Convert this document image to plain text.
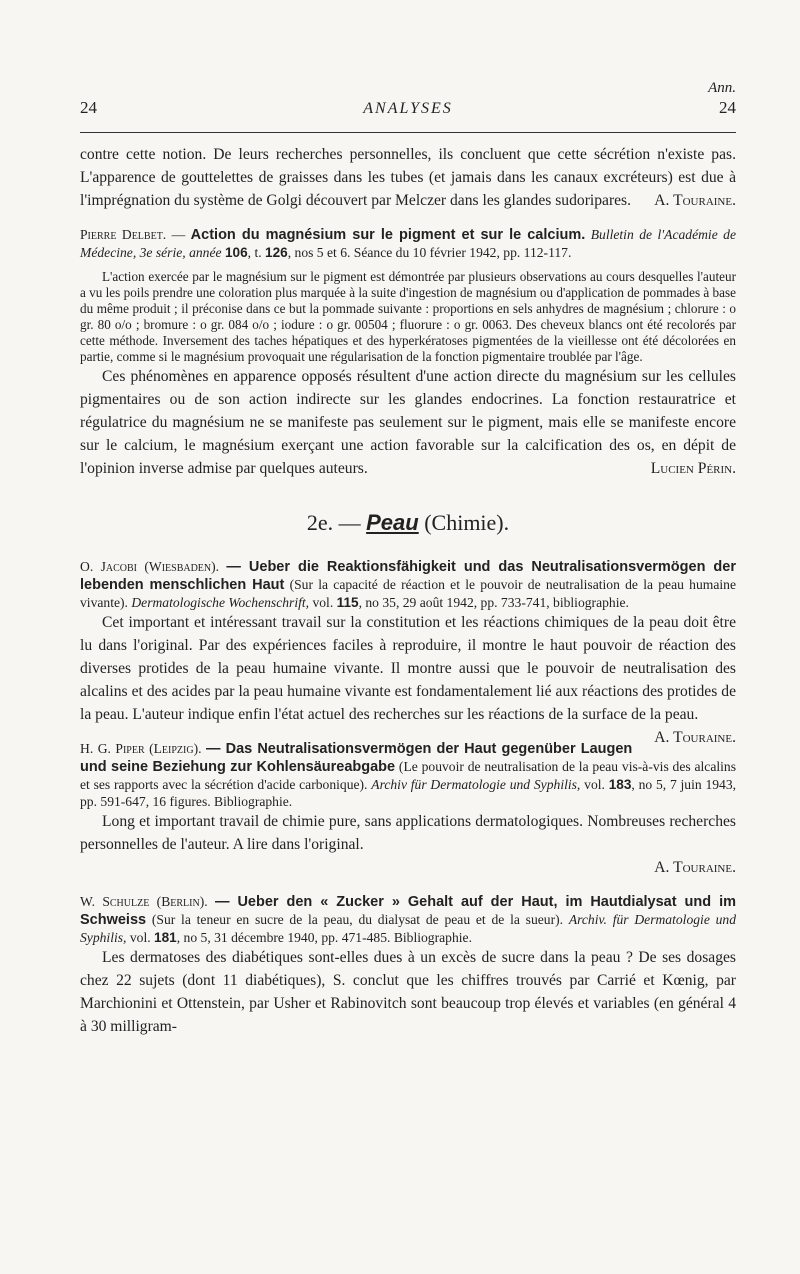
Ann.
24	ANALYSES	24

contre cette notion. De leurs recherches personnelles, ils concluent que cette sécrétion n'existe pas. L'apparence de gouttelettes de graisses dans les tubes (et jamais dans les canaux excréteurs) est due à l'imprégnation du système de Golgi découvert par Melczer dans les glandes sudoripares. A. Touraine.

Pierre Delbet. — Action du magnésium sur le pigment et sur le calcium. Bulletin de l'Académie de Médecine, 3e série, année 106, t. 126, nos 5 et 6. Séance du 10 février 1942, pp. 112-117.

L'action exercée par le magnésium sur le pigment est démontrée par plusieurs observations au cours desquelles l'auteur a vu les poils prendre une coloration plus marquée à la suite d'ingestion de magnésium ou d'application de pommades à base du même produit ; il préconise dans ce but la pommade suivante : proportions en sels anhydres de magnésium ; chlorure : o gr. 80 o/o ; bromure : o gr. 084 o/o ; iodure : o gr. 00504 ; fluorure : o gr. 0063. Des cheveux blancs ont été recolorés par cette méthode. Inversement des taches hépatiques et des hyperkératoses pigmentées de la vieillesse ont été décolorées en partie, comme si le magnésium provoquait une régularisation de la fonction pigmentaire troublée par l'âge.

Ces phénomènes en apparence opposés résultent d'une action directe du magnésium sur les cellules pigmentaires ou de son action indirecte sur les glandes endocrines. La fonction restauratrice et régulatrice du magnésium ne se manifeste pas seulement sur le pigment, mais elle se manifeste encore sur le calcium, le magnésium exerçant une action favorable sur la calcification des os, en dépit de l'opinion inverse admise par quelques auteurs.	Lucien Périn.

2e. — Peau (Chimie).

O. Jacobi (Wiesbaden). — Ueber die Reaktionsfähigkeit und das Neutralisationsvermögen der lebenden menschlichen Haut (Sur la capacité de réaction et le pouvoir de neutralisation de la peau humaine vivante). Dermatologische Wochenschrift, vol. 115, no 35, 29 août 1942, pp. 733-741, bibliographie.

Cet important et intéressant travail sur la constitution et les réactions chimiques de la peau doit être lu dans l'original. Par des expériences faciles à reproduire, il montre le haut pouvoir de réaction des diverses protides de la peau humaine vivante. Il montre aussi que le pouvoir de neutralisation des alcalins et des acides par la peau humaine vivante est fondamentalement lié aux réactions des protides de la peau. L'auteur indique enfin l'état actuel des recherches sur les réactions de la surface de la peau.
A. Touraine.

H. G. Piper (Leipzig). — Das Neutralisationsvermögen der Haut gegenüber Laugen und seine Beziehung zur Kohlensäureabgabe (Le pouvoir de neutralisation de la peau vis-à-vis des alcalins et ses rapports avec la sécrétion d'acide carbonique). Archiv für Dermatologie und Syphilis, vol. 183, no 5, 7 juin 1943, pp. 591-647, 16 figures. Bibliographie.

Long et important travail de chimie pure, sans applications dermatologiques. Nombreuses recherches personnelles de l'auteur. A lire dans l'original.

A. Touraine.

W. Schulze (Berlin). — Ueber den « Zucker » Gehalt auf der Haut, im Hautdialysat und im Schweiss (Sur la teneur en sucre de la peau, du dialysat de peau et de la sueur). Archiv. für Dermatologie und Syphilis, vol. 181, no 5, 31 décembre 1940, pp. 471-485. Bibliographie.

Les dermatoses des diabétiques sont-elles dues à un excès de sucre dans la peau ? De ses dosages chez 22 sujets (dont 11 diabétiques), S. conclut que les chiffres trouvés par Carrié et Kœnig, par Marchionini et Ottenstein, par Usher et Rabinovitch sont beaucoup trop élevés et variables (en général 4 à 30 milligram-
